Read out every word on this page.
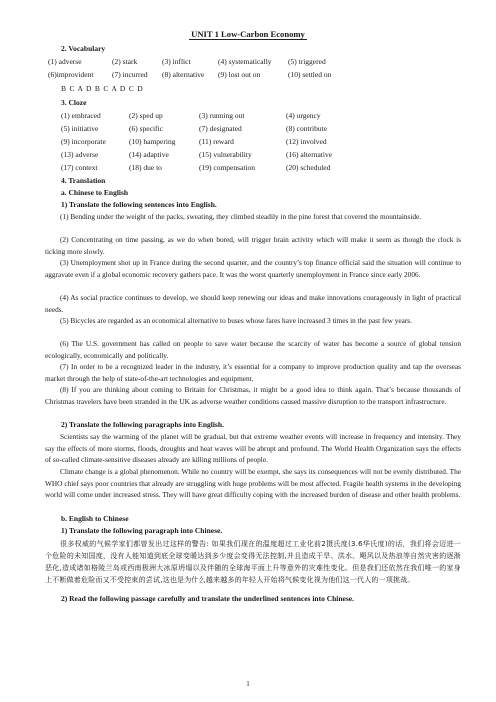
UNIT 1 Low-Carbon Economy
2. Vocabulary
(1) adverse	(2) stark	(3) inflict	(4) systematically (5) triggered
(6)improvident (7) incurred (8) alternative (9) lost out on	(10) settled on
B C A D B C A D C D
3. Cloze
(1) embraced	(2) sped up	(3) running out	(4) urgency
(5) initiative	(6) specific	(7) designated	(8) contribute
(9) incorporate	(10) hampering	(11) reward	(12) involved
(13) adverse	(14) adaptive	(15) vulnerability	(16) alternative
(17) context	(18) due to	(19) compensation	(20) scheduled
4. Translation
a. Chinese to English
1) Translate the following sentences into English.
(1) Bending under the weight of the packs, sweating, they climbed steadily in the pine forest that covered the mountainside.
(2) Concentrating on time passing, as we do when bored, will trigger brain activity which will make it seem as though the clock is ticking more slowly.
(3) Unemployment shot up in France during the second quarter, and the country’s top finance official said the situation will continue to aggravate even if a global economic recovery gathers pace. It was the worst quarterly unemployment in France since early 2006.
(4) As social practice continues to develop, we should keep renewing our ideas and make innovations courageously in light of practical needs.
(5) Bicycles are regarded as an economical alternative to buses whose fares have increased 3 times in the past few years.
(6) The U.S. government has called on people to save water because the scarcity of water has become a source of global tension ecologically, economically and politically.
(7) In order to be a recognized leader in the industry, it’s essential for a company to improve production quality and tap the overseas market through the help of state-of-the-art technologies and equipment.
(8) If you are thinking about coming to Britain for Christmas, it might be a good idea to think again. That’s because thousands of Christmas travelers have been stranded in the UK as adverse weather conditions caused massive disruption to the transport infrastructure.
2) Translate the following paragraphs into English.
Scientists say the warming of the planet will be gradual, but that extreme weather events will increase in frequency and intensity. They say the effects of more storms, floods, droughts and heat waves will be abrupt and profound. The World Health Organization says the effects of so-called climate-sensitive diseases already are killing millions of people.
Climate change is a global phenomenon. While no country will be exempt, she says its consequences will not be evenly distributed. The WHO chief says poor countries that already are struggling with huge problems will be most affected. Fragile health systems in the developing world will come under increased stress. They will have great difficulty coping with the increased burden of disease and other health problems.
b. English to Chinese
1) Translate the following paragraph into Chinese.
很多权威的气候学家们都曾发出过这样的警告: 如果我们现在的温度超过工业化前2摄氏度(3.6华氏度)的话，我们将会迈进一个危险的未知国度，没有人能知道到底全球变暖达到多少度会变得无法控制,并且造成干旱、洪水、飓风以及热浪等自然灾害的逐渐恶化,造成诸如格陵兰岛或西南极洲大冰原坍塌以及伴随的全球海平面上升等意外的灾难性变化。但是我们还依然在我们唯一的家身上不断做着危险而又不受控束的尝试,这也是为什么越来越多的年轻人开始将气候变化视为他们这一代人的一项挑战。
2) Read the following passage carefully and translate the underlined sentences into Chinese.
1
